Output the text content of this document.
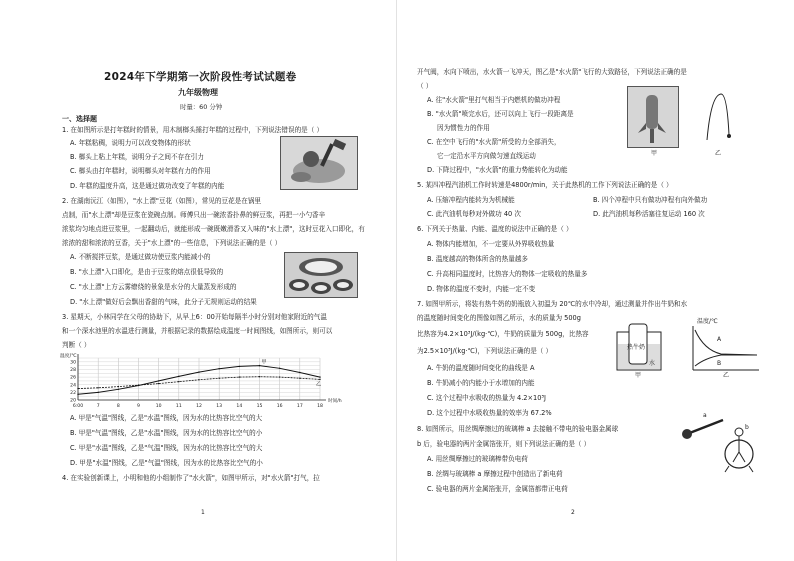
2024年下学期第一次阶段性考试试题卷
九年级物理
时量：60 分钟
一、选择题
1. 在如图所示是打年糕时的情景，用木制榔头捶打年糕的过程中，下列说法错误的是（ ）
A. 年糕粘稠，说明力可以改变物体的形状
B. 榔头上粘上年糕，说明分子之间不存在引力
C. 榔头由打年糕时，说明榔头对年糕有力的作用
D. 年糕的温度升高，这是通过做功改变了年糕的内能
2. 在湖南沅江（如图），"水上漂"豆花（如图），常见的豆花是在锅里
点制，而"水上漂"却是豆浆在瓷碗点制。师傅只出一碗浓香扑鼻的鲜豆浆，再把一小勺香辛
浓浆均匀地点进豆浆里，一起翻动后，就能形成一碗既嫩滑香又入味的"水上漂"，这时豆花入口即化，有
浓浓的甜和浓浓的豆香，关于"水上漂"的一些信息，下列说法正确的是（ ）
A. 不断搅拌豆浆，是通过做功使豆浆内能减小的
B. "水上漂"入口即化，是由于豆浆的熔点很低导致的
C. "水上漂"上方云雾缭绕的景象是水分的大量蒸发形成的
D. "水上漂"做好后会飘出香甜的气味，此分子无规则运动的结果
3. 星期天，小林同学在父母的协助下，从早上6：00开始每隔半小时分别对他家附近的气温
和一个深水池里的水温进行测量，并根据记录的数据绘成温度一时间图线，如图所示，则可以
判断（ ）
6:00	7	8	9	10	11	12	13	14	15	16	17	18
20
22
24
26
28
30
温度/℃
时间/h
甲
乙
A. 甲是"气温"图线，乙是"水温"图线，因为水的比热容比空气的大
B. 甲是"气温"图线，乙是"水温"图线，因为水的比热容比空气的小
C. 甲是"水温"图线，乙是"气温"图线，因为水的比热容比空气的大
D. 甲是"水温"图线，乙是"气温"图线，因为水的比热容比空气的小
4. 在实验创新课上，小明和他的小组制作了"水火箭"，如图甲所示，对"水火箭"打气，拉
1
开气阀，水向下喷出，水火箭一飞冲天，图乙是"水火箭"飞行的大致路径，下列说法正确的是
（ ）
A. 往"水火箭"里打气相当于内燃机的做功冲程
B. "水火箭"喷完水后，还可以向上飞行一段距离是
因为惯性力的作用
C. 在空中飞行的"水火箭"所受的力全部消失，
它一定沿水平方向做匀速直线运动
D. 下降过程中，"水火箭"的重力势能转化为动能
甲	乙
5. 某四冲程汽油机工作时转速是4800r/min，关于此热机的工作下列说法正确的是（ ）
A. 压缩冲程内能转为为机械能	B. 四个冲程中只有做功冲程有向外做功
C. 此汽油机每秒对外做功 40 次	D. 此汽油机每秒活塞往复运动 160 次
6. 下列关于热量、内能、温度的说法中正确的是（ ）
A. 物体内能增加，不一定要从外界吸收热量
B. 温度越高的物体所含的热量越多
C. 升高相同温度时，比热容大的物体一定吸收的热量多
D. 物体的温度不变时，内能一定不变
7. 如图甲所示，将装有热牛奶的奶瓶放入初温为 20℃的水中冷却，通过测量并作出牛奶和水
的温度随时间变化的图像如图乙所示，水的质量为 500g
比热容为4.2×10³J/(kg·℃)，牛奶的质量为 500g，比热容
为2.5×10³J/(kg·℃)，下列说法正确的是（ ）
A. 牛奶的温度随时间变化的曲线是 A
B. 牛奶减小的内能小于水增加的内能
C. 这个过程中水吸收的热量为 4.2×10³J
D. 这个过程中水吸收热量的效率为 67.2%
热牛奶
水
温度/℃
A
B
甲	乙
8. 如图所示，用丝绸摩擦过的玻璃棒 a 去接触不带电的验电器金属球
b 后，验电器的两片金属箔张开，则下列说法正确的是（ ）
A. 用丝绸摩擦过的玻璃棒带负电荷
B. 丝绸与玻璃棒 a 摩擦过程中创造出了新电荷
C. 验电器的两片金属箔张开，金属箔都带正电荷
a
b
2
